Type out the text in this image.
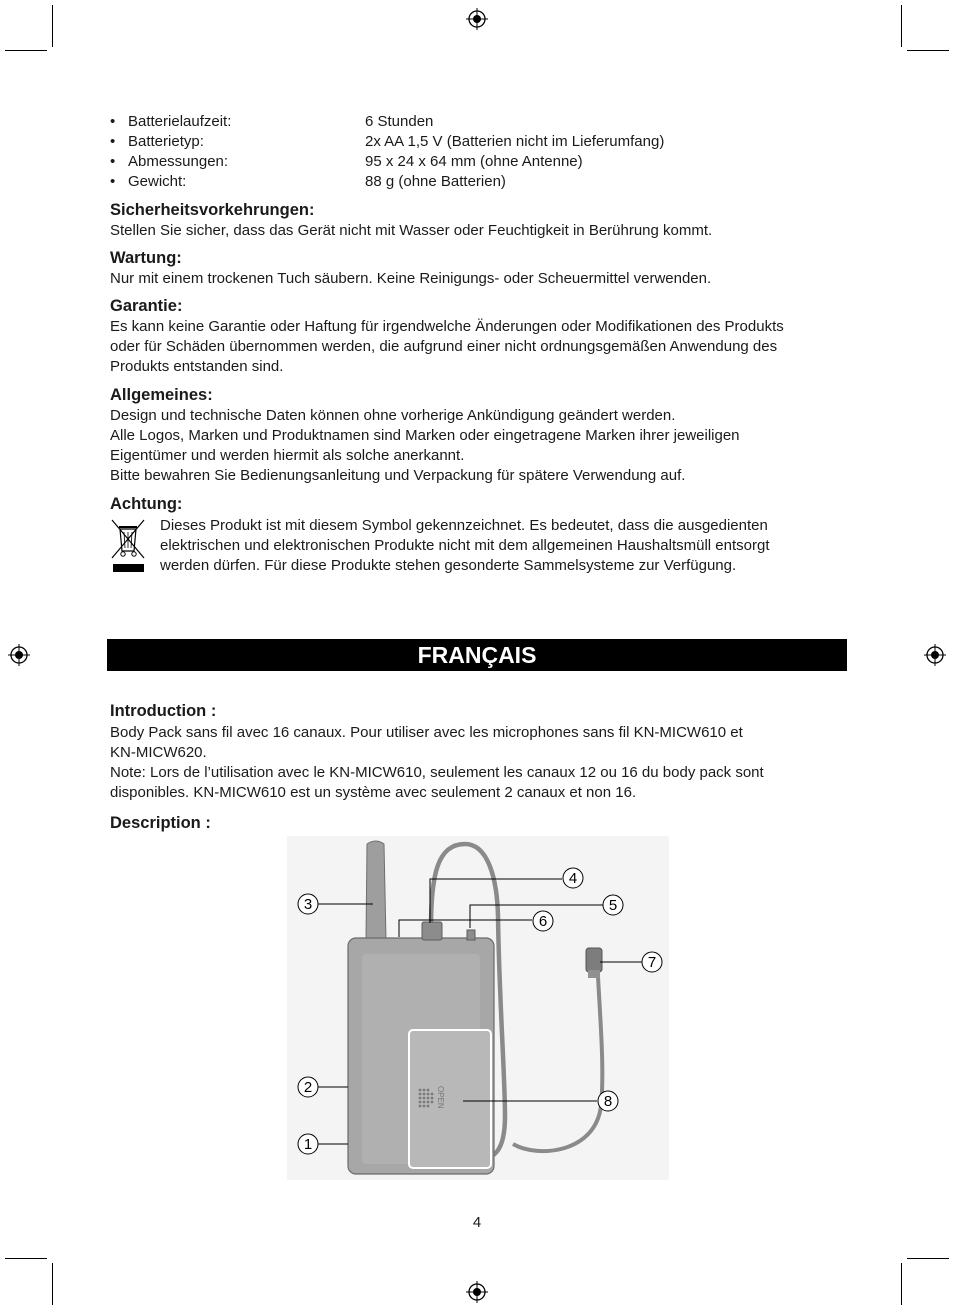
• Batterielaufzeit:	6 Stunden
• Batterietyp:	2x AA 1,5 V (Batterien nicht im Lieferumfang)
• Abmessungen:	95 x 24 x 64 mm (ohne Antenne)
• Gewicht:	88 g (ohne Batterien)
Sicherheitsvorkehrungen:

Stellen Sie sicher, dass das Gerät nicht mit Wasser oder Feuchtigkeit in Berührung kommt.

Wartung:

Nur mit einem trockenen Tuch säubern. Keine Reinigungs- oder Scheuermittel verwenden.

Garantie:

Es kann keine Garantie oder Haftung für irgendwelche Änderungen oder Modifikationen des Produkts

oder für Schäden übernommen werden, die aufgrund einer nicht ordnungsgemäßen Anwendung des

Produkts entstanden sind.

Allgemeines:

Design und technische Daten können ohne vorherige Ankündigung geändert werden.

Alle Logos, Marken und Produktnamen sind Marken oder eingetragene Marken ihrer jeweiligen

Eigentümer und werden hiermit als solche anerkannt.

Bitte bewahren Sie Bedienungsanleitung und Verpackung für spätere Verwendung auf.

Achtung:

Dieses Produkt ist mit diesem Symbol gekennzeichnet. Es bedeutet, dass die ausgedienten

elektrischen und elektronischen Produkte nicht mit dem allgemeinen Haushaltsmüll entsorgt

werden dürfen. Für diese Produkte stehen gesonderte Sammelsysteme zur Verfügung.

FRANÇAIS
Introduction :

Body Pack sans fil avec 16 canaux. Pour utiliser avec les microphones sans fil KN-MICW610 et

KN-MICW620.

Note: Lors de l’utilisation avec le KN-MICW610, seulement les canaux 12 ou 16 du body pack sont

disponibles. KN-MICW610 est un système avec seulement 2 canaux et non 16.

Description :
OPEN
3
4
5
6
7
2
8
1
4
